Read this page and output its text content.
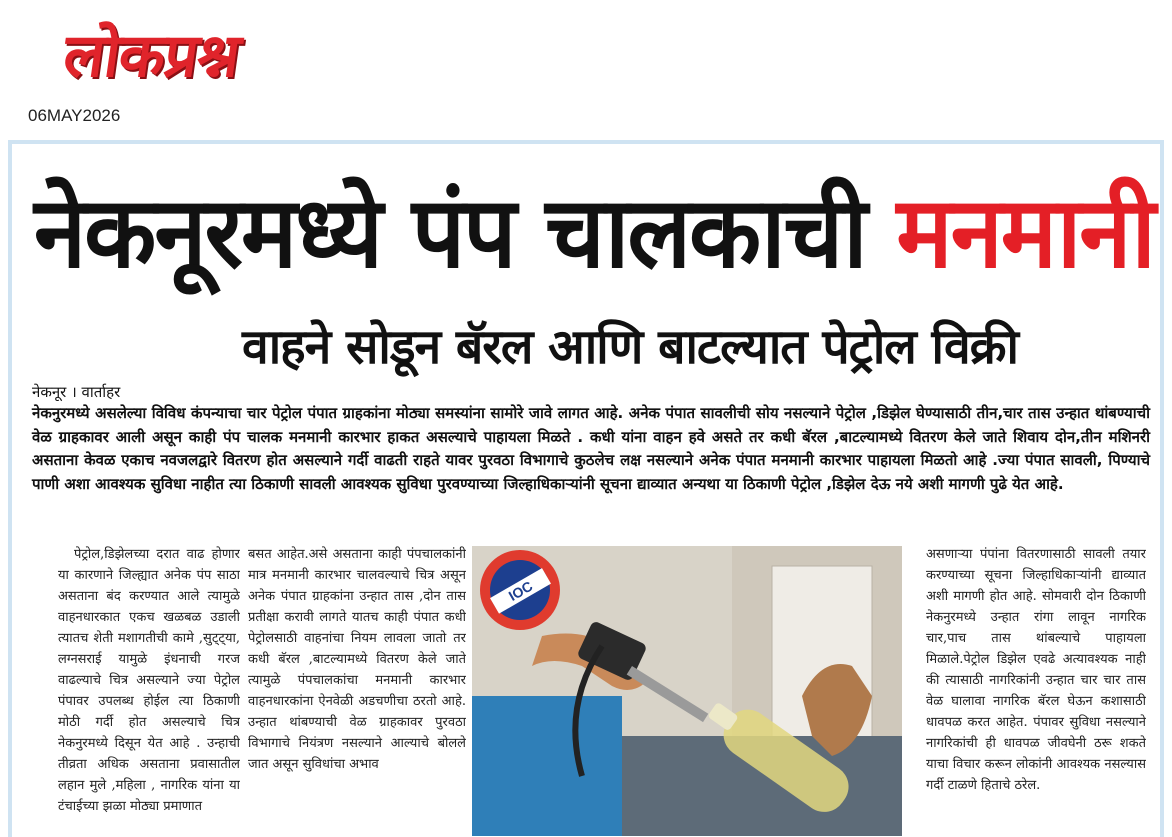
लोकप्रश्न
06MAY2026
नेकनूरमध्ये पंप चालकाची मनमानी
वाहने सोडून बॅरल आणि बाटल्यात पेट्रोल विक्री
नेकनूर । वार्ताहर

नेकनुरमध्ये असलेल्या विविध कंपन्याचा चार पेट्रोल पंपात ग्राहकांना मोठ्या समस्यांना सामोरे जावे लागत आहे. अनेक पंपात सावलीची सोय नसल्याने पेट्रोल ,डिझेल घेण्यासाठी तीन,चार तास उन्हात थांबण्याची वेळ ग्राहकावर आली असून काही पंप चालक मनमानी कारभार हाकत असल्याचे पाहायला मिळते . कधी यांना वाहन हवे असते तर कधी बॅरल ,बाटल्यामध्ये वितरण केले जाते शिवाय दोन,तीन मशिनरी असताना केवळ एकाच नवजलद्वारे वितरण होत असल्याने गर्दी वाढती राहते यावर पुरवठा विभागाचे कुठलेच लक्ष नसल्याने अनेक पंपात मनमानी कारभार पाहायला मिळतो आहे .ज्या पंपात सावली, पिण्याचे पाणी अशा आवश्यक सुविधा नाहीत त्या ठिकाणी सावली आवश्यक सुविधा पुरवण्याच्या जिल्हाधिकाऱ्यांनी सूचना द्याव्यात अन्यथा या ठिकाणी पेट्रोल ,डिझेल देऊ नये अशी मागणी पुढे येत आहे.

पेट्रोल,डिझेलच्या दरात वाढ होणार या कारणाने जिल्ह्यात अनेक पंप साठा असताना बंद करण्यात आले त्यामुळे वाहनधारकात एकच खळबळ उडाली त्यातच शेती मशागतीची कामे ,सुट्ट्या, लग्नसराई यामुळे इंधनाची गरज वाढल्याचे चित्र असल्याने ज्या पेट्रोल पंपावर उपलब्ध होईल त्या ठिकाणी मोठी गर्दी होत असल्याचे चित्र नेकनुरमध्ये दिसून येत आहे . उन्हाची तीव्रता अधिक असताना प्रवासातील लहान मुले ,महिला , नागरिक यांना या टंचाईच्या झळा मोठ्या प्रमाणात

बसत आहेत.असे असताना काही पंपचालकांनी मात्र मनमानी कारभार चालवल्याचे चित्र असून अनेक पंपात ग्राहकांना उन्हात तास ,दोन तास प्रतीक्षा करावी लागते यातच काही पंपात कधी पेट्रोलसाठी वाहनांचा नियम लावला जातो तर कधी बॅरल ,बाटल्यामध्ये वितरण केले जाते त्यामुळे पंपचालकांचा मनमानी कारभार वाहनधारकांना ऐनवेळी अडचणीचा ठरतो आहे. उन्हात थांबण्याची वेळ ग्राहकावर पुरवठा विभागाचे नियंत्रण नसल्याने आल्याचे बोलले जात असून सुविधांचा अभाव

IOC

असणाऱ्या पंपांना वितरणासाठी सावली तयार करण्याच्या सूचना जिल्हाधिकाऱ्यांनी द्याव्यात अशी मागणी होत आहे. सोमवारी दोन ठिकाणी नेकनुरमध्ये उन्हात रांगा लावून नागरिक चार,पाच तास थांबल्याचे पाहायला मिळाले.पेट्रोल डिझेल एवढे अत्यावश्यक नाही की त्यासाठी नागरिकांनी उन्हात चार चार तास वेळ घालावा नागरिक बॅरल घेऊन कशासाठी धावपळ करत आहेत. पंपावर सुविधा नसल्याने नागरिकांची ही धावपळ जीवघेनी ठरू शकते याचा विचार करून लोकांनी आवश्यक नसल्यास गर्दी टाळणे हिताचे ठरेल.
